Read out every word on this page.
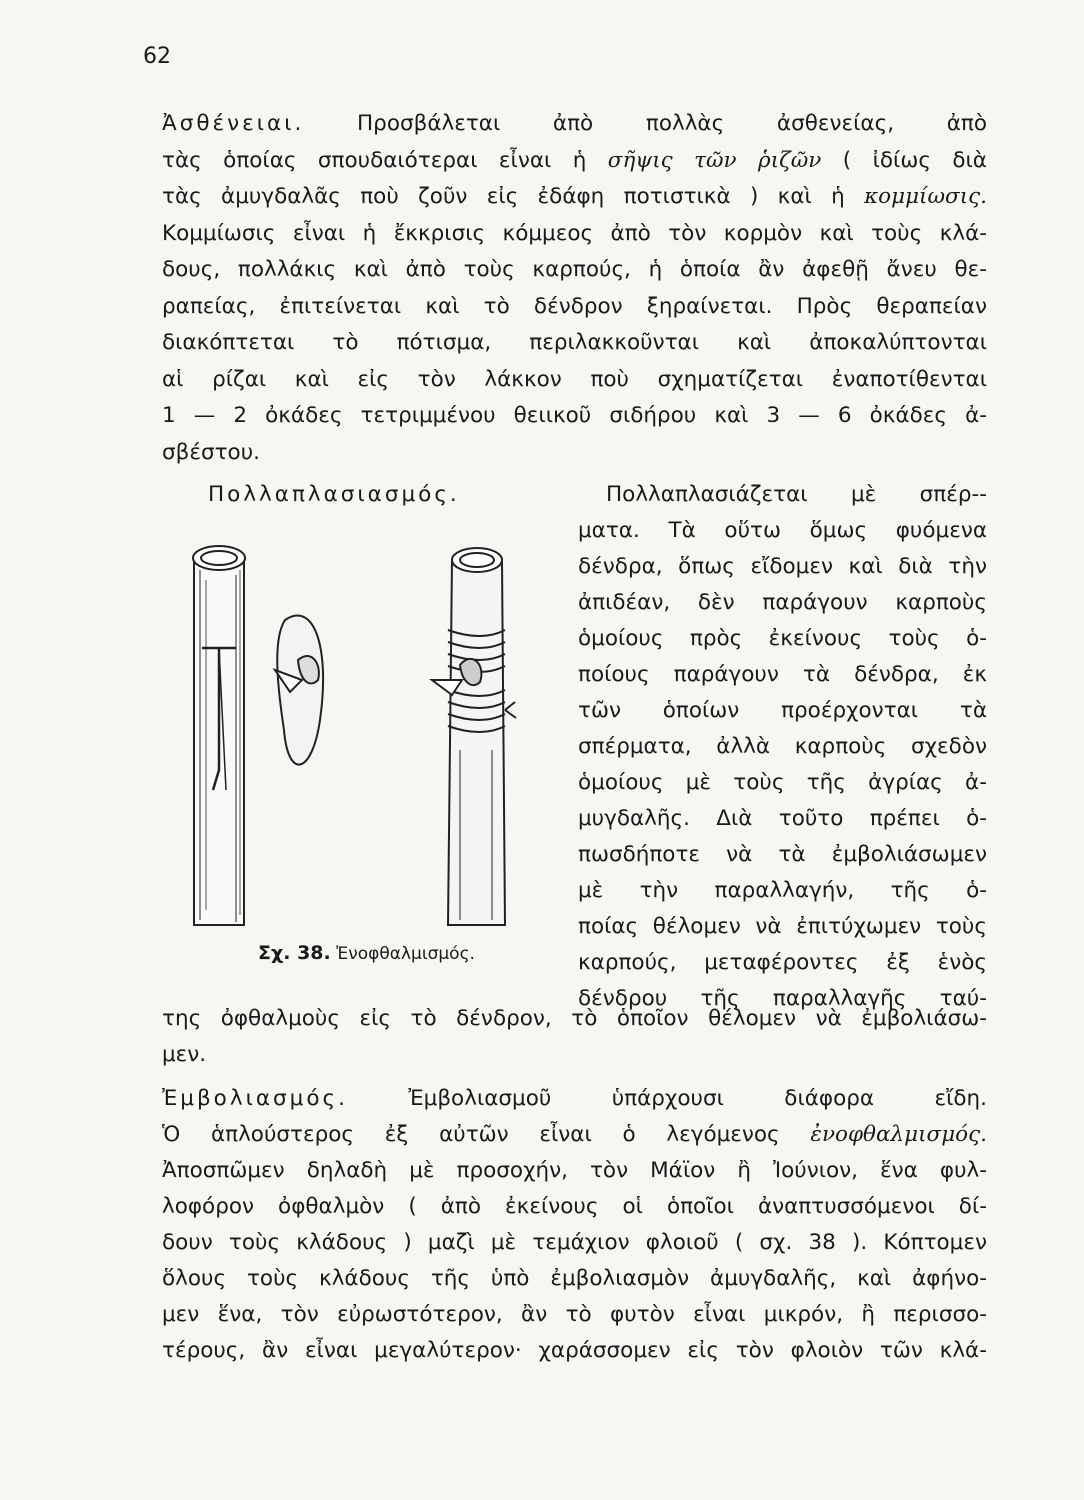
62
Ἀσθένειαι. Προσβάλεται ἀπὸ πολλὰς ἀσθενείας, ἀπὸ
τὰς ὁποίας σπουδαιότεραι εἶναι ἡ σῆψις τῶν ῥιζῶν ( ἰδίως διὰ
τὰς ἀμυγδαλᾶς ποὺ ζοῦν εἰς ἐδάφη ποτιστικὰ ) καὶ ἡ κομμίωσις.
Κομμίωσις εἶναι ἡ ἔκκρισις κόμμεος ἀπὸ τὸν κορμὸν καὶ τοὺς κλά-
δους, πολλάκις καὶ ἀπὸ τοὺς καρπούς, ἡ ὁποία ἂν ἀφεθῇ ἄνευ θε-
ραπείας, ἐπιτείνεται καὶ τὸ δένδρον ξηραίνεται. Πρὸς θεραπείαν
διακόπτεται τὸ πότισμα, περιλακκοῦνται καὶ ἀποκαλύπτονται
αἱ ρίζαι καὶ εἰς τὸν λάκκον ποὺ σχηματίζεται ἐναποτίθενται
1 — 2 ὀκάδες τετριμμένου θειικοῦ σιδήρου καὶ 3 — 6 ὀκάδες ἀ-
σβέστου.
Πολλαπλασιασμός.	Πολλαπλασιάζεται μὲ σπέρ--
ματα. Τὰ οὕτω ὅμως φυόμενα
δένδρα, ὅπως εἴδομεν καὶ διὰ τὴν
ἀπιδέαν, δὲν παράγουν καρποὺς
ὁμοίους πρὸς ἐκείνους τοὺς ὁ-
ποίους παράγουν τὰ δένδρα, ἐκ
τῶν ὁποίων προέρχονται τὰ
σπέρματα, ἀλλὰ καρποὺς σχεδὸν
ὁμοίους μὲ τοὺς τῆς ἀγρίας ἀ-
μυγδαλῆς. Διὰ τοῦτο πρέπει ὁ-
πωσδήποτε νὰ τὰ ἐμβολιάσωμεν
μὲ τὴν παραλλαγήν, τῆς ὁ-
ποίας θέλομεν νὰ ἐπιτύχωμεν τοὺς
καρπούς, μεταφέροντες ἐξ ἑνὸς
δένδρου τῆς παραλλαγῆς ταύ-
Σχ. 38. Ἐνοφθαλμισμός.
της ὀφθαλμοὺς εἰς τὸ δένδρον, τὸ ὁποῖον θέλομεν νὰ ἐμβολιάσω-
μεν.
Ἐμβολιασμός. Ἐμβολιασμοῦ ὑπάρχουσι διάφορα εἴδη.
Ὁ ἁπλούστερος ἐξ αὐτῶν εἶναι ὁ λεγόμενος ἐνοφθαλμισμός.
Ἀποσπῶμεν δηλαδὴ μὲ προσοχήν, τὸν Μάϊον ἢ Ἰούνιον, ἕνα φυλ-
λοφόρον ὀφθαλμὸν ( ἀπὸ ἐκείνους οἱ ὁποῖοι ἀναπτυσσόμενοι δί-
δουν τοὺς κλάδους ) μαζὶ μὲ τεμάχιον φλοιοῦ ( σχ. 38 ). Κόπτομεν
ὅλους τοὺς κλάδους τῆς ὑπὸ ἐμβολιασμὸν ἀμυγδαλῆς, καὶ ἀφήνο-
μεν ἕνα, τὸν εὐρωστότερον, ἂν τὸ φυτὸν εἶναι μικρόν, ἢ περισσο-
τέρους, ἂν εἶναι μεγαλύτερον· χαράσσομεν εἰς τὸν φλοιὸν τῶν κλά-
